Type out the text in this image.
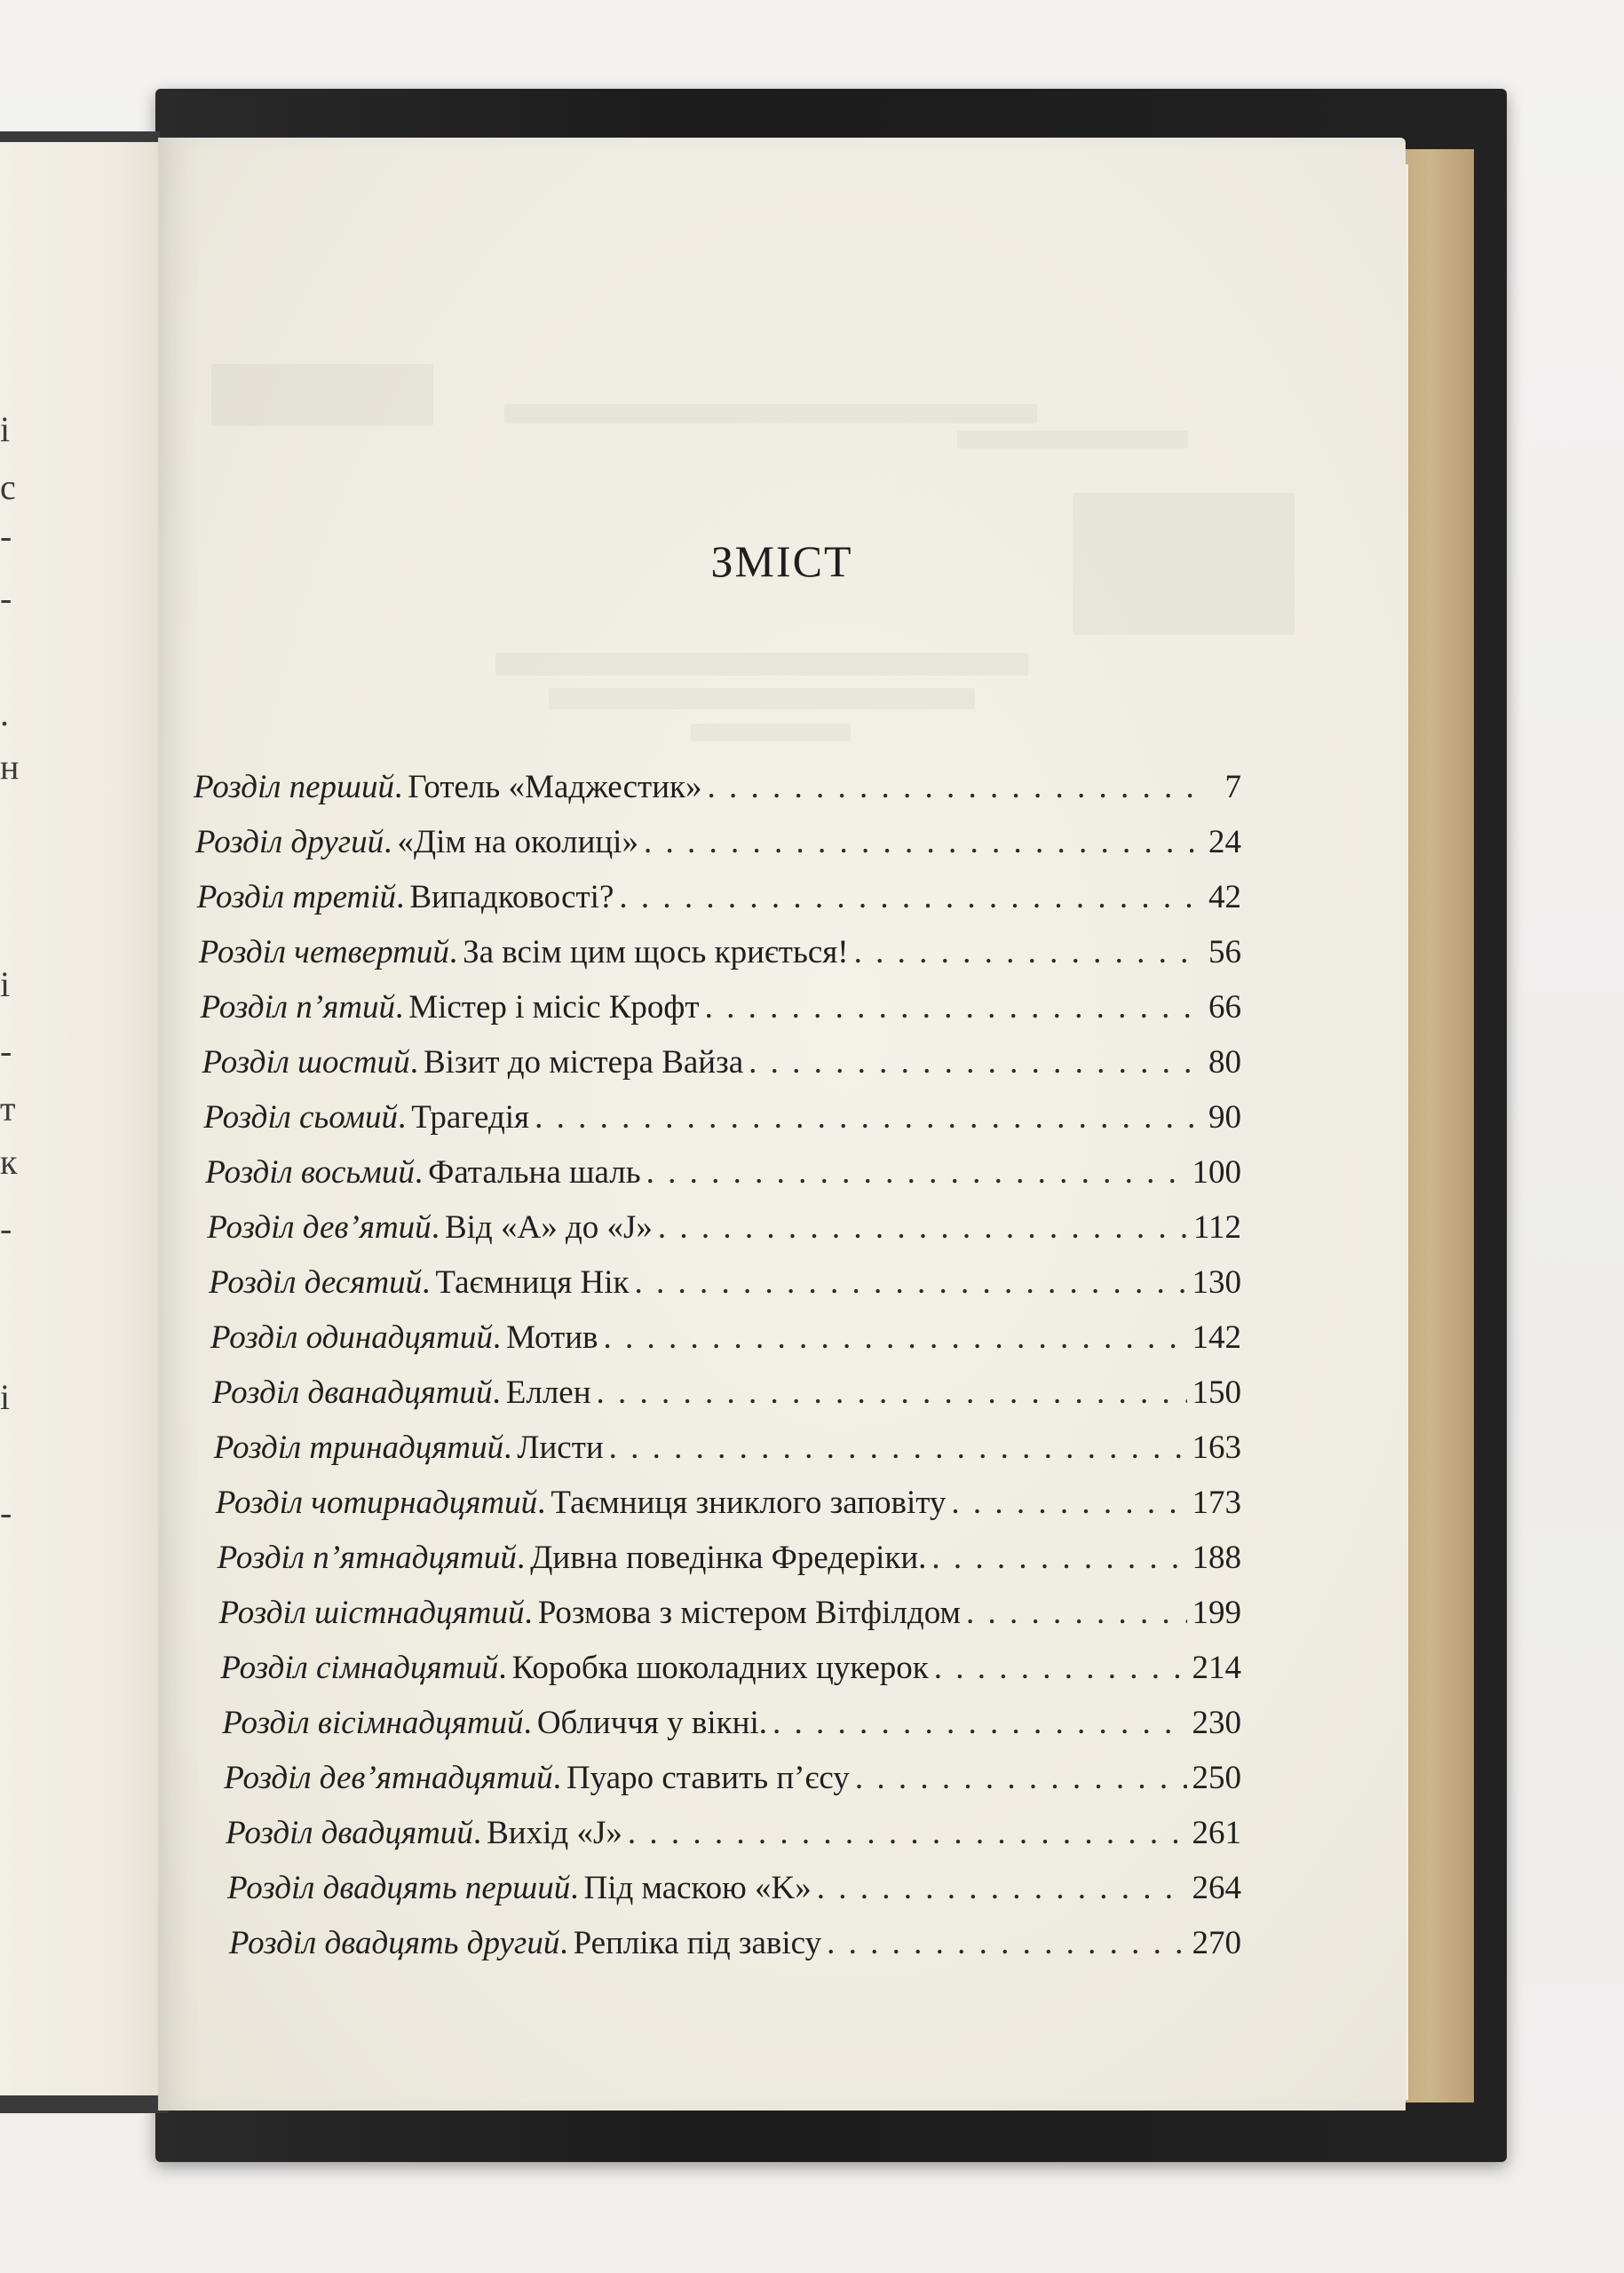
і
с
-
-
.
н
і
-
т
к
-
і
-
ЗМІСТ
Розділ перший . Готель «Маджестик» . . .	7
Розділ другий . «Дім на околиці» . . .	24
Розділ третій . Випадковості? . . .	42
Розділ четвертий . За всім цим щось криється! . . .	56
Розділ п’ятий . Містер і місіс Крофт . . .	66
Розділ шостий . Візит до містера Вайза . . .	80
Розділ сьомий . Трагедія . . .	90
Розділ восьмий . Фатальна шаль . . .	100
Розділ дев’ятий . Від «А» до «J» . . .	112
Розділ десятий . Таємниця Нік . . .	130
Розділ одинадцятий . Мотив . . .	142
Розділ дванадцятий . Еллен . . .	150
Розділ тринадцятий . Листи . . .	163
Розділ чотирнадцятий . Таємниця зниклого заповіту . . .	173
Розділ п’ятнадцятий . Дивна поведінка Фредеріки. . . .	188
Розділ шістнадцятий . Розмова з містером Вітфілдом . . .	199
Розділ сімнадцятий . Коробка шоколадних цукерок . . .	214
Розділ вісімнадцятий . Обличчя у вікні. . . .	230
Розділ дев’ятнадцятий . Пуаро ставить п’єсу . . .	250
Розділ двадцятий . Вихід «J» . . .	261
Розділ двадцять перший . Під маскою «K» . . .	264
Розділ двадцять другий . Репліка під завісу . . .	270
